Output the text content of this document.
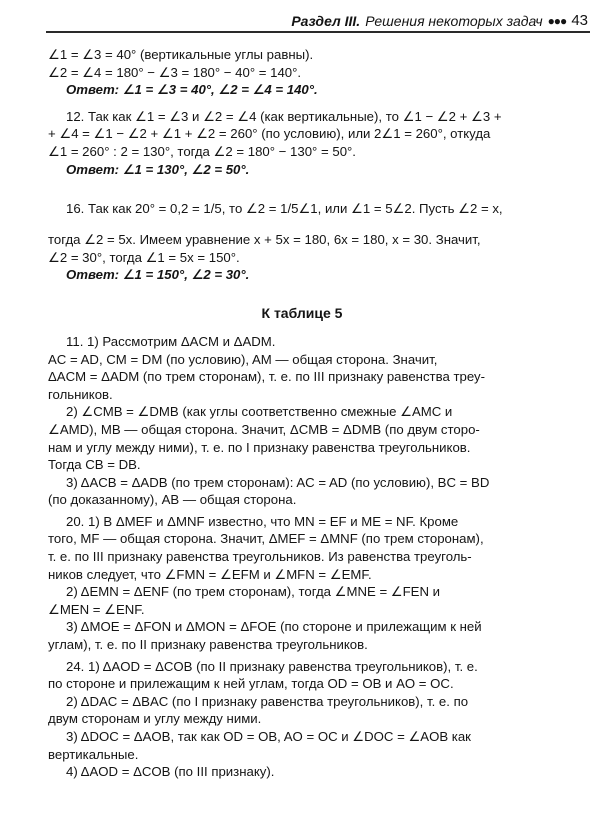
Раздел III. Решения некоторых задач ●●● 43
∠1 = ∠3 = 40° (вертикальные углы равны).
∠2 = ∠4 = 180° − ∠3 = 180° − 40° = 140°.
Ответ: ∠1 = ∠3 = 40°, ∠2 = ∠4 = 140°.
12. Так как ∠1 = ∠3 и ∠2 = ∠4 (как вертикальные), то ∠1 − ∠2 + ∠3 +
+ ∠4 = ∠1 − ∠2 + ∠1 + ∠2 = 260° (по условию), или 2∠1 = 260°, откуда
∠1 = 260° : 2 = 130°, тогда ∠2 = 180° − 130° = 50°.
Ответ: ∠1 = 130°, ∠2 = 50°.
16. Так как 20° = 0,2 = 1/5, то ∠2 = 1/5∠1, или ∠1 = 5∠2. Пусть ∠2 = x,
тогда ∠2 = 5x. Имеем уравнение x + 5x = 180, 6x = 180, x = 30. Значит,
∠2 = 30°, тогда ∠1 = 5x = 150°.
Ответ: ∠1 = 150°, ∠2 = 30°.
К таблице 5
11. 1) Рассмотрим ΔACM и ΔADM.
AC = AD, CM = DM (по условию), AM — общая сторона. Значит,
ΔACM = ΔADM (по трем сторонам), т. е. по III признаку равенства треу-
гольников.
2) ∠CMB = ∠DMB (как углы соответственно смежные ∠AMC и
∠AMD), MB — общая сторона. Значит, ΔCMB = ΔDMB (по двум сторо-
нам и углу между ними), т. е. по I признаку равенства треугольников.
Тогда CB = DB.
3) ΔACB = ΔADB (по трем сторонам): AC = AD (по условию), BC = BD
(по доказанному), AB — общая сторона.
20. 1) В ΔMEF и ΔMNF известно, что MN = EF и ME = NF. Кроме
того, MF — общая сторона. Значит, ΔMEF = ΔMNF (по трем сторонам),
т. е. по III признаку равенства треугольников. Из равенства треуголь-
ников следует, что ∠FMN = ∠EFM и ∠MFN = ∠EMF.
2) ΔEMN = ΔENF (по трем сторонам), тогда ∠MNE = ∠FEN и
∠MEN = ∠ENF.
3) ΔMOE = ΔFON и ΔMON = ΔFOE (по стороне и прилежащим к ней
углам), т. е. по II признаку равенства треугольников.
24. 1) ΔAOD = ΔCOB (по II признаку равенства треугольников), т. е.
по стороне и прилежащим к ней углам, тогда OD = OB и AO = OC.
2) ΔDAC = ΔBAC (по I признаку равенства треугольников), т. е. по
двум сторонам и углу между ними.
3) ΔDOC = ΔAOB, так как OD = OB, AO = OC и ∠DOC = ∠AOB как
вертикальные.
4) ΔAOD = ΔCOB (по III признаку).
